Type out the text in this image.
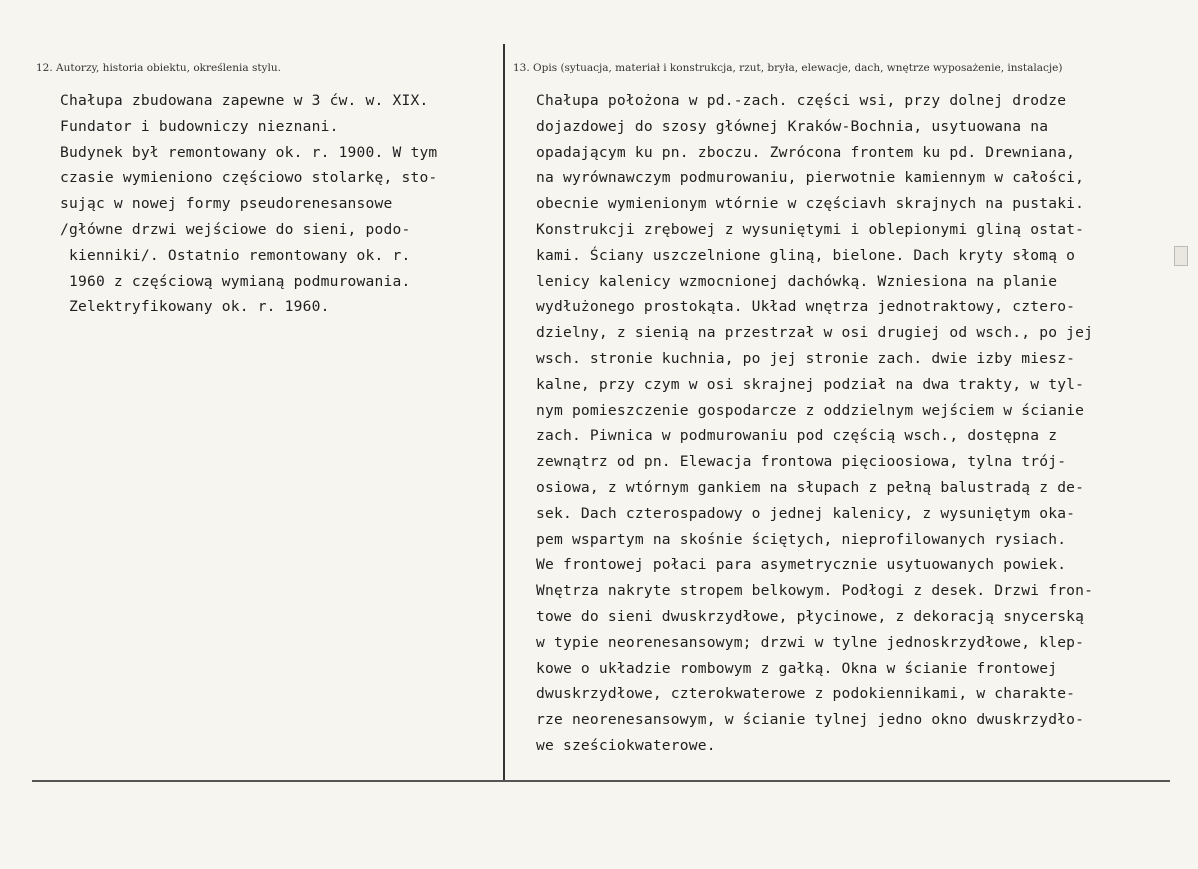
12. Autorzy, historia obiektu, określenia stylu.	13. Opis (sytuacja, materiał i konstrukcja, rzut, bryła, elewacje, dach, wnętrze wyposażenie, instalacje)
Chałupa zbudowana zapewne w 3 ćw. w. XIX.
Fundator i budowniczy nieznani.
Budynek był remontowany ok. r. 1900. W tym
czasie wymieniono częściowo stolarkę, sto-
sując w nowej formy pseudorenesansowe
/główne drzwi wejściowe do sieni, podo-
kienniki/. Ostatnio remontowany ok. r.
1960 z częściową wymianą podmurowania.
Zelektryfikowany ok. r. 1960.
Chałupa położona w pd.-zach. części wsi, przy dolnej drodze
dojazdowej do szosy głównej Kraków-Bochnia, usytuowana na
opadającym ku pn. zboczu. Zwrócona frontem ku pd. Drewniana,
na wyrównawczym podmurowaniu, pierwotnie kamiennym w całości,
obecnie wymienionym wtórnie w częściavh skrajnych na pustaki.
Konstrukcji zrębowej z wysuniętymi i oblepionymi gliną ostat-
kami. Ściany uszczelnione gliną, bielone. Dach kryty słomą o
lenicy kalenicy wzmocnionej dachówką. Wzniesiona na planie
wydłużonego prostokąta. Układ wnętrza jednotraktowy, cztero-
dzielny, z sienią na przestrzał w osi drugiej od wsch., po jej
wsch. stronie kuchnia, po jej stronie zach. dwie izby miesz-
kalne, przy czym w osi skrajnej podział na dwa trakty, w tyl-
nym pomieszczenie gospodarcze z oddzielnym wejściem w ścianie
zach. Piwnica w podmurowaniu pod częścią wsch., dostępna z
zewnątrz od pn. Elewacja frontowa pięcioosiowa, tylna trój-
osiowa, z wtórnym gankiem na słupach z pełną balustradą z de-
sek. Dach czterospadowy o jednej kalenicy, z wysuniętym oka-
pem wspartym na skośnie ściętych, nieprofilowanych rysiach.
We frontowej połaci para asymetrycznie usytuowanych powiek.
Wnętrza nakryte stropem belkowym. Podłogi z desek. Drzwi fron-
towe do sieni dwuskrzydłowe, płycinowe, z dekoracją snycerską
w typie neorenesansowym; drzwi w tylne jednoskrzydłowe, klep-
kowe o układzie rombowym z gałką. Okna w ścianie frontowej
dwuskrzydłowe, czterokwaterowe z podokiennikami, w charakte-
rze neorenesansowym, w ścianie tylnej jedno okno dwuskrzydło-
we sześciokwaterowe.
